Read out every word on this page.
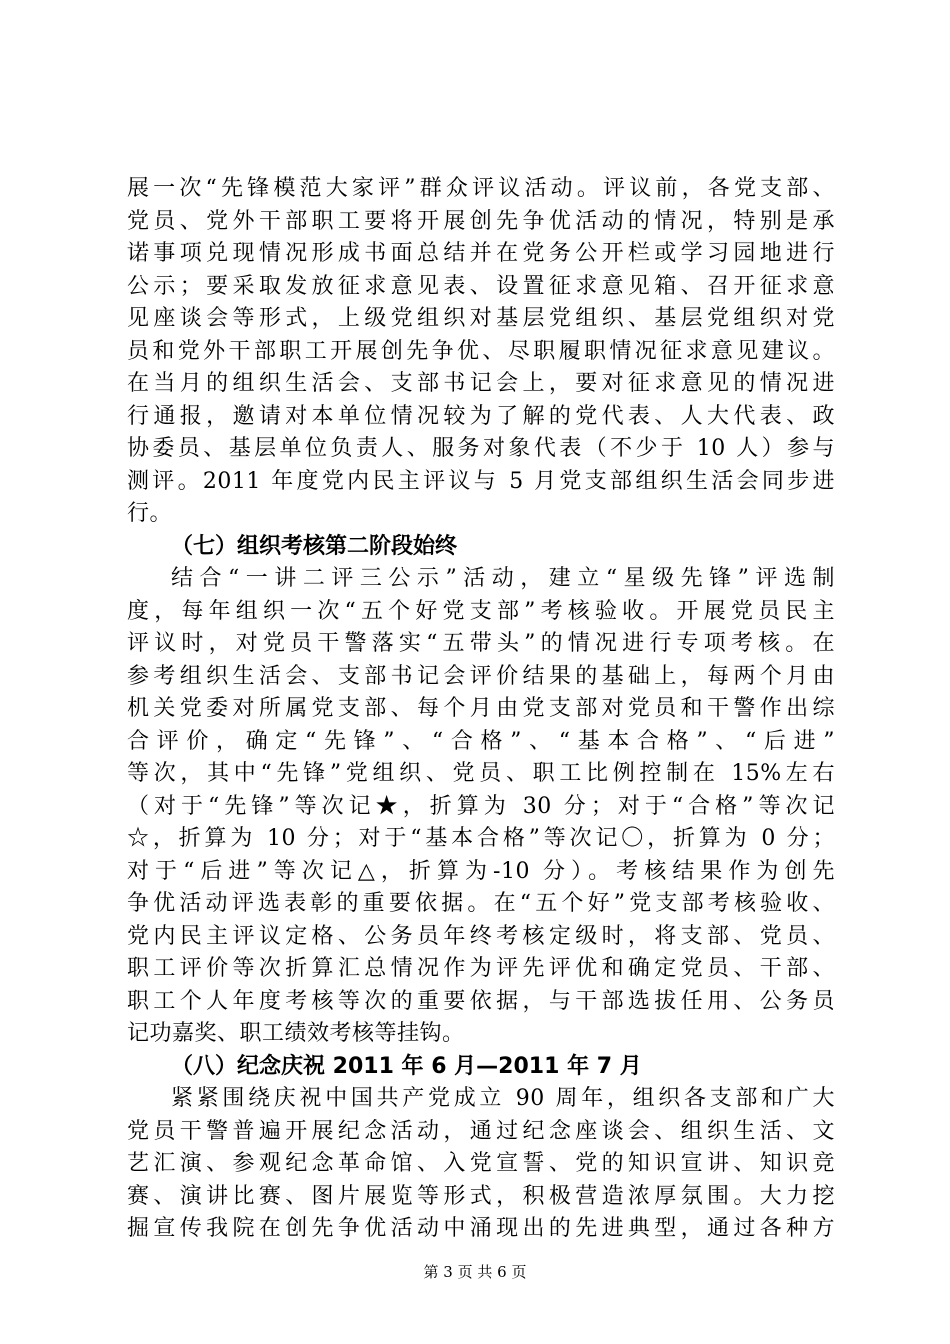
展一次“先锋模范大家评”群众评议活动。评议前，各党支部、
党员、党外干部职工要将开展创先争优活动的情况，特别是承
诺事项兑现情况形成书面总结并在党务公开栏或学习园地进行
公示；要采取发放征求意见表、设置征求意见箱、召开征求意
见座谈会等形式，上级党组织对基层党组织、基层党组织对党
员和党外干部职工开展创先争优、尽职履职情况征求意见建议。
在当月的组织生活会、支部书记会上，要对征求意见的情况进
行通报，邀请对本单位情况较为了解的党代表、人大代表、政
协委员、基层单位负责人、服务对象代表（不少于 10 人）参与
测评。2011 年度党内民主评议与 5 月党支部组织生活会同步进
行。
（七）组织考核第二阶段始终
结合“一讲二评三公示”活动，建立“星级先锋”评选制
度，每年组织一次“五个好党支部”考核验收。开展党员民主
评议时，对党员干警落实“五带头”的情况进行专项考核。在
参考组织生活会、支部书记会评价结果的基础上，每两个月由
机关党委对所属党支部、每个月由党支部对党员和干警作出综
合评价，确定“先锋”、“合格”、“基本合格”、“后进”
等次，其中“先锋”党组织、党员、职工比例控制在 15%左右
（对于“先锋”等次记★，折算为 30 分；对于“合格”等次记
☆，折算为 10 分；对于“基本合格”等次记〇，折算为 0 分；
对于“后进”等次记△，折算为-10 分）。考核结果作为创先
争优活动评选表彰的重要依据。在“五个好”党支部考核验收、
党内民主评议定格、公务员年终考核定级时，将支部、党员、
职工评价等次折算汇总情况作为评先评优和确定党员、干部、
职工个人年度考核等次的重要依据，与干部选拔任用、公务员
记功嘉奖、职工绩效考核等挂钩。
（八）纪念庆祝 2011 年 6 月—2011 年 7 月
紧紧围绕庆祝中国共产党成立 90 周年，组织各支部和广大
党员干警普遍开展纪念活动，通过纪念座谈会、组织生活、文
艺汇演、参观纪念革命馆、入党宣誓、党的知识宣讲、知识竞
赛、演讲比赛、图片展览等形式，积极营造浓厚氛围。大力挖
掘宣传我院在创先争优活动中涌现出的先进典型，通过各种方
第 3 页 共 6 页
